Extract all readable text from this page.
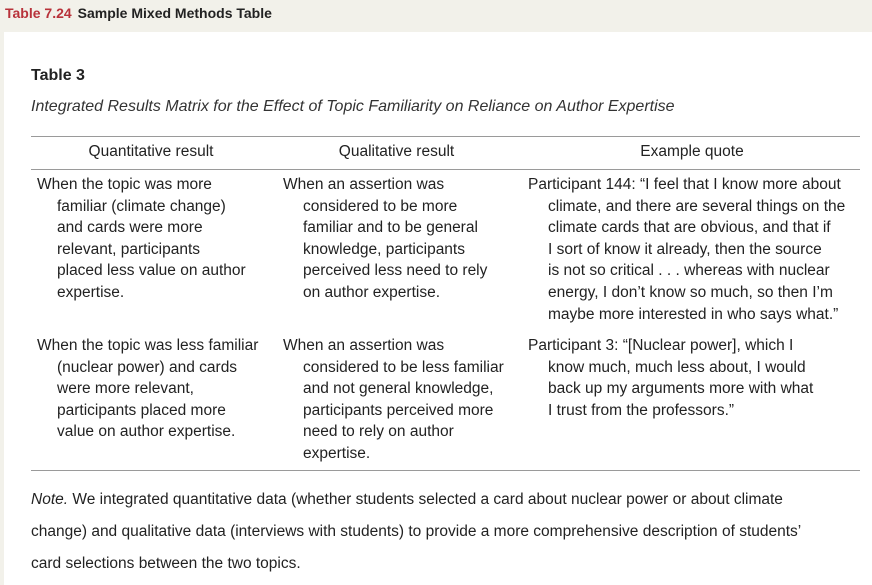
Table 7.24 Sample Mixed Methods Table
Table 3
Integrated Results Matrix for the Effect of Topic Familiarity on Reliance on Author Expertise
Quantitative result	Qualitative result	Example quote
When the topic was more
familiar (climate change)
and cards were more
relevant, participants
placed less value on author
expertise.
When an assertion was
considered to be more
familiar and to be general
knowledge, participants
perceived less need to rely
on author expertise.
Participant 144: “I feel that I know more about
climate, and there are several things on the
climate cards that are obvious, and that if
I sort of know it already, then the source
is not so critical . . . whereas with nuclear
energy, I don’t know so much, so then I’m
maybe more interested in who says what.”
When the topic was less familiar
(nuclear power) and cards
were more relevant,
participants placed more
value on author expertise.
When an assertion was
considered to be less familiar
and not general knowledge,
participants perceived more
need to rely on author
expertise.
Participant 3: “[Nuclear power], which I
know much, much less about, I would
back up my arguments more with what
I trust from the professors.”
Note. We integrated quantitative data (whether students selected a card about nuclear power or about climate
change) and qualitative data (interviews with students) to provide a more comprehensive description of students’
card selections between the two topics.
